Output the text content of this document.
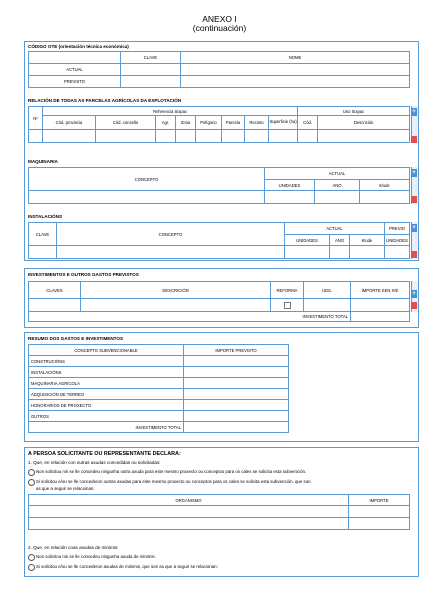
ANEXO I
(continuación)
CÓDIGO OTE (orientación técnica económica)
	CLAVE	NOME
ACTUAL		
PREVISTO		
RELACIÓN DE TODAS AS PARCELAS AGRÍCOLAS DA EXPLOTACIÓN
Nº	Referencia Sixpac								Uso Sixpac	
	Cód. provincia	Cód. concello	Agr.	Zona	Polígono	Parcela	Recinto	Superficie (ha)	Cód.	Descrición

+
MAQUINARIA
CONCEPTO	ACTUAL		
	UNIDADES	ANO	€/ude

+
INSTALACIÓNS
CLAVE	CONCEPTO	ACTUAL			PREVIO
		UNIDADES	ANO	€/ude	UNIDADES

+
INVESTIMENTOS E OUTROS GASTOS PREVISTOS
CLAVES	DESCRICIÓN	REFORMA	UDS.	IMPORTE SEN IVE

INVESTIMENTO TOTAL				
+
RESUMO DOS GASTOS E INVESTIMENTOS
CONCEPTO SUBVENCIONABLE	IMPORTE PREVISTO
CONSTRUCIÓNS	
INSTALACIÓNS	
MAQUINARIA AGRÍCOLA	
ADQUISICIÓN DE TERREO	
HONORARIOS DE PROXECTO	
OUTROS	
INVESTIMENTO TOTAL	
A PERSOA SOLICITANTE OU REPRESENTANTE DECLARA:
1. Que, en relación con outras axudas concedidas ou solicitadas:
Non solicitou nin se lle concedeu ningunha outra axuda para este mesmo proxecto ou conceptos para os cales se solicita esta subvención.
Si solicitou e/ou se lle concederon outras axudas para este mesmo proxecto ou conceptos para os cales se solicita esta subvención, que son
as que a seguir se relacionan:
ORGANISMO	IMPORTE

2. Que, en relación coas axudas de minimis:
Non solicitou nin se lle concedeu ningunha axuda de minimis.
Si solicitou e/ou se lle concederon axudas de minimis, que son as que a seguir se relacionan:
